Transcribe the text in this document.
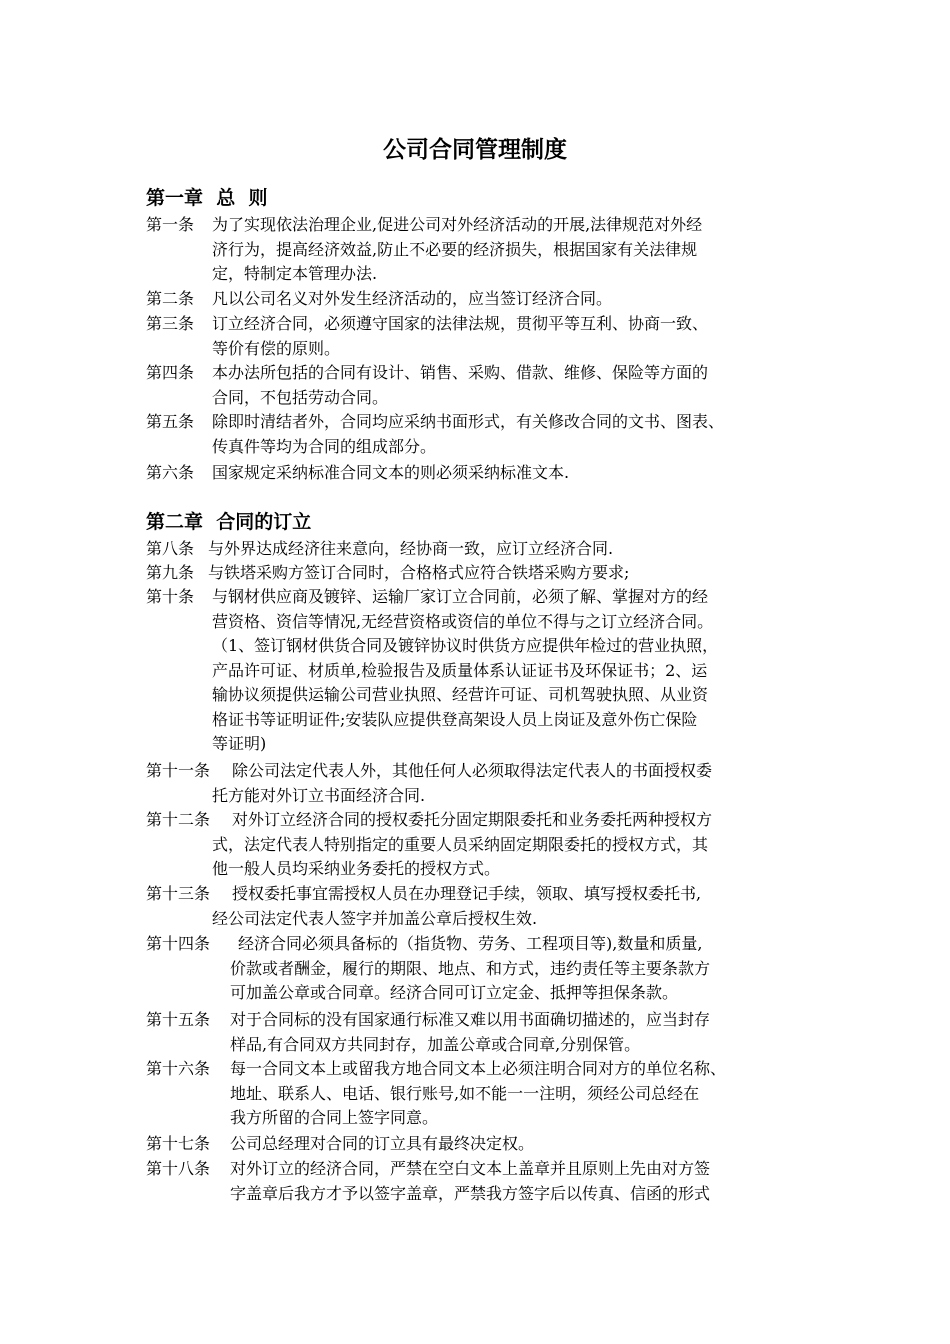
公司合同管理制度
第一章  总  则
第一条 为了实现依法治理企业,促进公司对外经济活动的开展,法律规范对外经
济行为，提高经济效益,防止不必要的经济损失，根据国家有关法律规
定，特制定本管理办法.
第二条 凡以公司名义对外发生经济活动的，应当签订经济合同。
第三条 订立经济合同，必须遵守国家的法律法规，贯彻平等互利、协商一致、
等价有偿的原则。
第四条 本办法所包括的合同有设计、销售、采购、借款、维修、保险等方面的
合同，不包括劳动合同。
第五条 除即时清结者外，合同均应采纳书面形式，有关修改合同的文书、图表、
传真件等均为合同的组成部分。
第六条 国家规定采纳标准合同文本的则必须采纳标准文本.
第二章  合同的订立
第八条 与外界达成经济往来意向，经协商一致，应订立经济合同.
第九条 与铁塔采购方签订合同时，合格格式应符合铁塔采购方要求;
第十条 与钢材供应商及镀锌、运输厂家订立合同前，必须了解、掌握对方的经
营资格、资信等情况,无经营资格或资信的单位不得与之订立经济合同。
（1、签订钢材供货合同及镀锌协议时供货方应提供年检过的营业执照，
产品许可证、材质单,检验报告及质量体系认证证书及环保证书；2、运
输协议须提供运输公司营业执照、经营许可证、司机驾驶执照、从业资
格证书等证明证件;安装队应提供登高架设人员上岗证及意外伤亡保险
等证明)
第十一条	除公司法定代表人外，其他任何人必须取得法定代表人的书面授权委
托方能对外订立书面经济合同.
第十二条	对外订立经济合同的授权委托分固定期限委托和业务委托两种授权方
式，法定代表人特别指定的重要人员采纳固定期限委托的授权方式，其
他一般人员均采纳业务委托的授权方式。
第十三条	授权委托事宜需授权人员在办理登记手续，领取、填写授权委托书,
经公司法定代表人签字并加盖公章后授权生效.
第十四条	经济合同必须具备标的（指货物、劳务、工程项目等),数量和质量,
价款或者酬金，履行的期限、地点、和方式，违约责任等主要条款方
可加盖公章或合同章。经济合同可订立定金、抵押等担保条款。
第十五条 对于合同标的没有国家通行标准又难以用书面确切描述的，应当封存
样品,有合同双方共同封存，加盖公章或合同章,分别保管。
第十六条 每一合同文本上或留我方地合同文本上必须注明合同对方的单位名称、
地址、联系人、电话、银行账号,如不能一一注明，须经公司总经在
我方所留的合同上签字同意。
第十七条 公司总经理对合同的订立具有最终决定权。
第十八条 对外订立的经济合同，严禁在空白文本上盖章并且原则上先由对方签
字盖章后我方才予以签字盖章，严禁我方签字后以传真、信函的形式
